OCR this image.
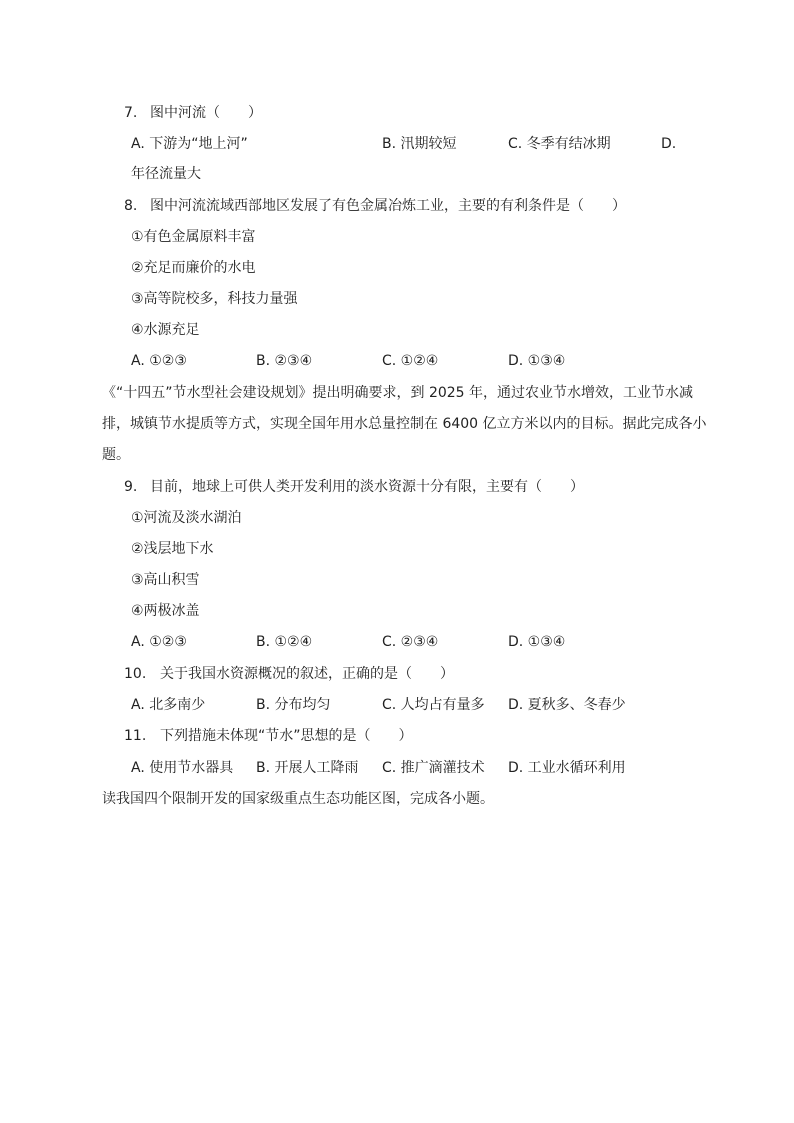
7. 图中河流（　　）
A. 下游为“地上河”	B. 汛期较短	C. 冬季有结冰期	D.
年径流量大
8. 图中河流流域西部地区发展了有色金属冶炼工业，主要的有利条件是（　　）
①有色金属原料丰富
②充足而廉价的水电
③高等院校多，科技力量强
④水源充足
A. ①②③	B. ②③④	C. ①②④	D. ①③④
《“十四五”节水型社会建设规划》提出明确要求，到 2025 年，通过农业节水增效，工业节水减
排，城镇节水提质等方式，实现全国年用水总量控制在 6400 亿立方米以内的目标。据此完成各小
题。
9. 目前，地球上可供人类开发利用的淡水资源十分有限，主要有（　　）
①河流及淡水湖泊
②浅层地下水
③高山积雪
④两极冰盖
A. ①②③	B. ①②④	C. ②③④	D. ①③④
10. 关于我国水资源概况的叙述，正确的是（　　）
A. 北多南少	B. 分布均匀	C. 人均占有量多 D. 夏秋多、冬春少
11. 下列措施未体现“节水”思想的是（　　）
A. 使用节水器具 B. 开展人工降雨 C. 推广滴灌技术 D. 工业水循环利用
读我国四个限制开发的国家级重点生态功能区图，完成各小题。
